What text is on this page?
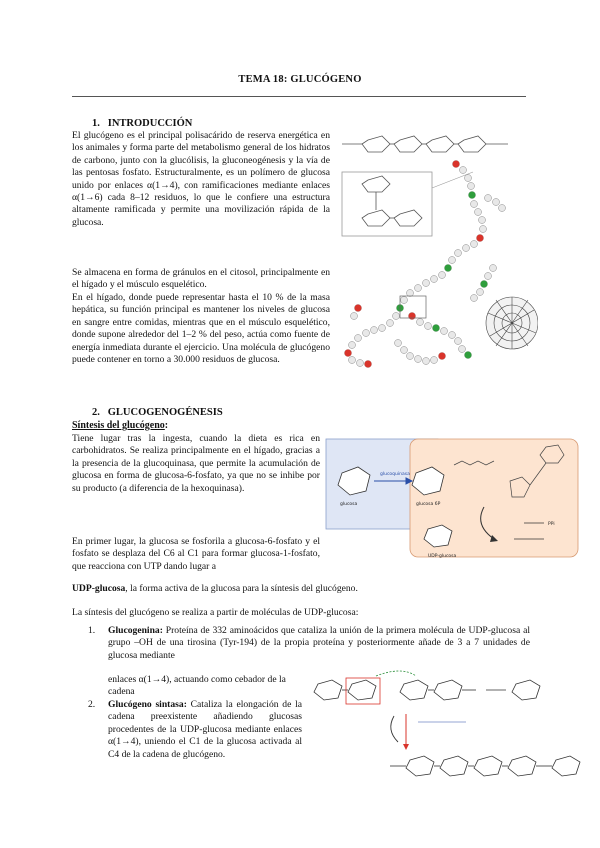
TEMA 18: GLUCÓGENO
1.   INTRODUCCIÓN
El glucógeno es el principal polisacárido de reserva energética en los animales y forma parte del metabolismo general de los hidratos de carbono, junto con la glucólisis, la gluconeogénesis y la vía de las pentosas fosfato. Estructuralmente, es un polímero de glucosa unido por enlaces α(1→4), con ramificaciones mediante enlaces α(1→6) cada 8–12 residuos, lo que le confiere una estructura altamente ramificada y permite una movilización rápida de la glucosa.
Se almacena en forma de gránulos en el citosol, principalmente en el hígado y el músculo esquelético.
En el hígado, donde puede representar hasta el 10 % de la masa hepática, su función principal es mantener los niveles de glucosa en sangre entre comidas, mientras que en el músculo esquelético, donde supone alrededor del 1–2 % del peso, actúa como fuente de energía inmediata durante el ejercicio. Una molécula de glucógeno puede contener en torno a 30.000 residuos de glucosa.
2.   GLUCOGENOGÉNESIS
Síntesis del glucógeno:
Tiene lugar tras la ingesta, cuando la dieta es rica en carbohidratos. Se realiza principalmente en el hígado, gracias a la presencia de la glucoquinasa, que permite la acumulación de glucosa en forma de glucosa-6-fosfato, ya que no se inhibe por su producto (a diferencia de la hexoquinasa).
En primer lugar, la glucosa se fosforila a glucosa-6-fosfato y el fosfato se desplaza del C6 al C1 para formar glucosa-1-fosfato, que reacciona con UTP dando lugar a
UDP-glucosa, la forma activa de la glucosa para la síntesis del glucógeno.
glucoquinasa
glucosa	glucosa 6P
UDP-glucosa
PPi
La síntesis del glucógeno se realiza a partir de moléculas de UDP-glucosa:
1. Glucogenina: Proteína de 332 aminoácidos que cataliza la unión de la primera molécula de UDP-glucosa al grupo –OH de una tirosina (Tyr-194) de la propia proteína y posteriormente añade de 3 a 7 unidades de glucosa mediante
enlaces α(1→4), actuando como cebador de la cadena
2. Glucógeno sintasa: Cataliza la elongación de la cadena preexistente añadiendo glucosas procedentes de la UDP-glucosa mediante enlaces α(1→4), uniendo el C1 de la glucosa activada al C4 de la cadena de glucógeno.
